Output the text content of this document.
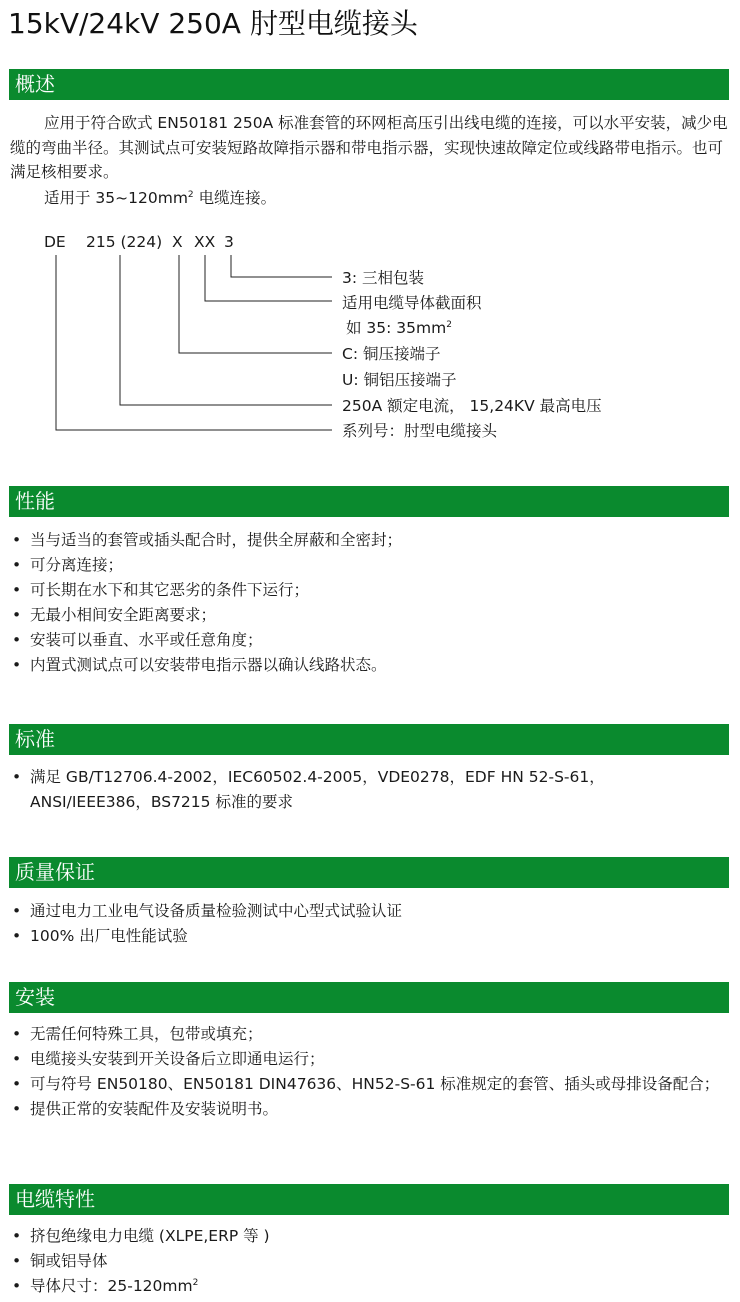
15kV/24kV 250A 肘型电缆接头
概述

应用于符合欧式 EN50181 250A 标准套管的环网柜高压引出线电缆的连接，可以水平安装，减少电缆的弯曲半径。其测试点可安装短路故障指示器和带电指示器，实现快速故障定位或线路带电指示。也可满足核相要求。

适用于 $35\sim 120mm^2$ 电缆连接。
DE 215 (224) X XX 3
3: 三相包装
适用电缆导体截面积
如 35: $35mm^2$
C: 铜压接端子
U: 铜铝压接端子
250A 额定电流， 15,24KV 最高电压
系列号：肘型电缆接头
性能
• 当与适当的套管或插头配合时，提供全屏蔽和全密封；
• 可分离连接；
• 可长期在水下和其它恶劣的条件下运行；
• 无最小相间安全距离要求；
• 安装可以垂直、水平或任意角度；
• 内置式测试点可以安装带电指示器以确认线路状态。
标准
• 满足 GB/T12706.4-2002，IEC60502.4-2005，VDE0278，EDF HN 52-S-61，ANSI/IEEE386，BS7215 标准的要求
质量保证
• 通过电力工业电气设备质量检验测试中心型式试验认证
• 100% 出厂电性能试验
安装
• 无需任何特殊工具，包带或填充；
• 电缆接头安装到开关设备后立即通电运行；
• 可与符号 EN50180、EN50181 DIN47636、HN52-S-61 标准规定的套管、插头或母排设备配合；
• 提供正常的安装配件及安装说明书。
电缆特性
• 挤包绝缘电力电缆 (XLPE,ERP 等 )
• 铜或铝导体
• 导体尺寸：$25-120mm^2$
